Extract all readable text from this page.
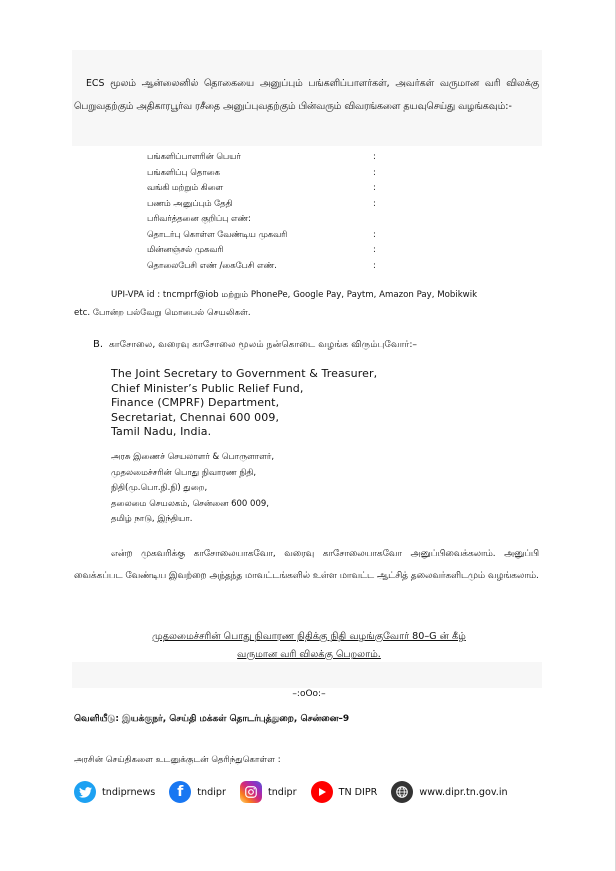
ECS மூலம் ஆன்லைனில் தொகையை அனுப்பும் பங்களிப்பாளர்கள், அவர்கள் வருமான வரி விலக்கு பெறுவதற்கும் அதிகாரபூர்வ ரசீதை அனுப்புவதற்கும் பின்வரும் விவரங்களை தயவுசெய்து வழங்கவும்:-

பங்களிப்பாளரின் பெயர்	:
பங்களிப்பு தொகை	:
வங்கி மற்றும் கிளை	:
பணம் அனுப்பும் தேதி	:
பரிவர்த்தனை குறிப்பு எண்:
தொடர்பு கொள்ள வேண்டிய முகவரி	:
மின்னஞ்சல் முகவரி	:
தொலைபேசி எண் /கைபேசி எண்.	:
UPI-VPA id : tncmprf@iob மற்றும் PhonePe, Google Pay, Paytm, Amazon Pay, Mobikwik
etc. போன்ற பல்வேறு மொபைல் செயலிகள்.
B. காசோலை, வரைவு காசோலை மூலம் நன்கொடை வழங்க விரும்புவோர்:–
The Joint Secretary to Government & Treasurer,
Chief Minister’s Public Relief Fund,
Finance (CMPRF) Department,
Secretariat, Chennai 600 009,
Tamil Nadu, India.
அரசு இணைச் செயலாளர் & பொருளாளர்,
முதலமைச்சரின் பொது நிவாரண நிதி,
நிதி(மு.பொ.நி.நி) துறை,
தலைமை செயலகம், சென்னை 600 009,
தமிழ் நாடு, இந்தியா.

என்ற முகவரிக்கு காசோலையாகவோ, வரைவு காசோலையாகவோ அனுப்பிவைக்கலாம். அனுப்பி வைக்கப்பட வேண்டிய இவற்றை அந்தந்த மாவட்டங்களில் உள்ள மாவட்ட ஆட்சித் தலைவர்களிடமும் வழங்கலாம்.

முதலமைச்சரின் பொது நிவாரண நிதிக்கு நிதி வழங்குவோர் 80–G ன் கீழ்
வருமான வரி விலக்கு பெறலாம்.
–:oOo:–
வெளியீடு: இயக்குநர், செய்தி மக்கள் தொடர்புத்துறை, சென்னை–9
அரசின் செய்திகளை உடனுக்குடன் தெரிந்துகொள்ள :
tndiprnews	f	tndipr	tndipr	TN DIPR	www.dipr.tn.gov.in
